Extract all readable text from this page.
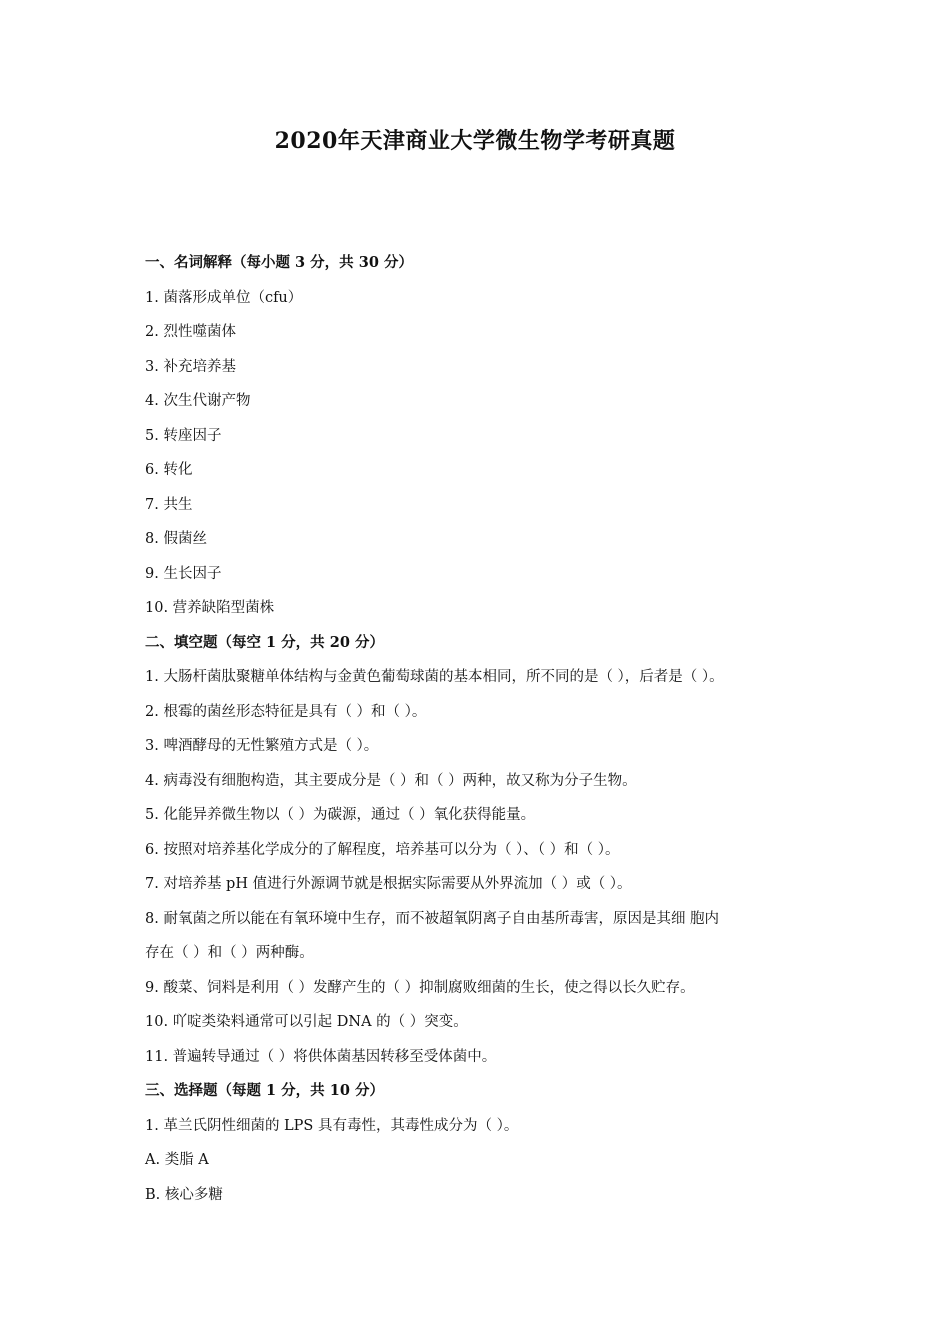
2020年天津商业大学微生物学考研真题
一、名词解释（每小题 3 分，共 30 分）
1. 菌落形成单位（cfu）
2. 烈性噬菌体
3. 补充培养基
4. 次生代谢产物
5. 转座因子
6. 转化
7. 共生
8. 假菌丝
9. 生长因子
10. 营养缺陷型菌株
二、填空题（每空 1 分，共 20 分）
1. 大肠杆菌肽聚糖单体结构与金黄色葡萄球菌的基本相同，所不同的是（ ），后者是（ ）。
2. 根霉的菌丝形态特征是具有（ ）和（ ）。
3. 啤酒酵母的无性繁殖方式是（ ）。
4. 病毒没有细胞构造，其主要成分是（ ）和（ ）两种，故又称为分子生物。
5. 化能异养微生物以（ ）为碳源，通过（ ）氧化获得能量。
6. 按照对培养基化学成分的了解程度，培养基可以分为（ ）、（ ）和（ ）。
7. 对培养基 pH 值进行外源调节就是根据实际需要从外界流加（ ）或（ ）。
8. 耐氧菌之所以能在有氧环境中生存，而不被超氧阴离子自由基所毒害，原因是其细 胞内
存在（ ）和（ ）两种酶。
9. 酸菜、饲料是利用（ ）发酵产生的（ ）抑制腐败细菌的生长，使之得以长久贮存。
10. 吖啶类染料通常可以引起 DNA 的（ ）突变。
11. 普遍转导通过（ ）将供体菌基因转移至受体菌中。
三、选择题（每题 1 分，共 10 分）
1. 革兰氏阴性细菌的 LPS 具有毒性，其毒性成分为（ ）。
A. 类脂 A
B. 核心多糖
